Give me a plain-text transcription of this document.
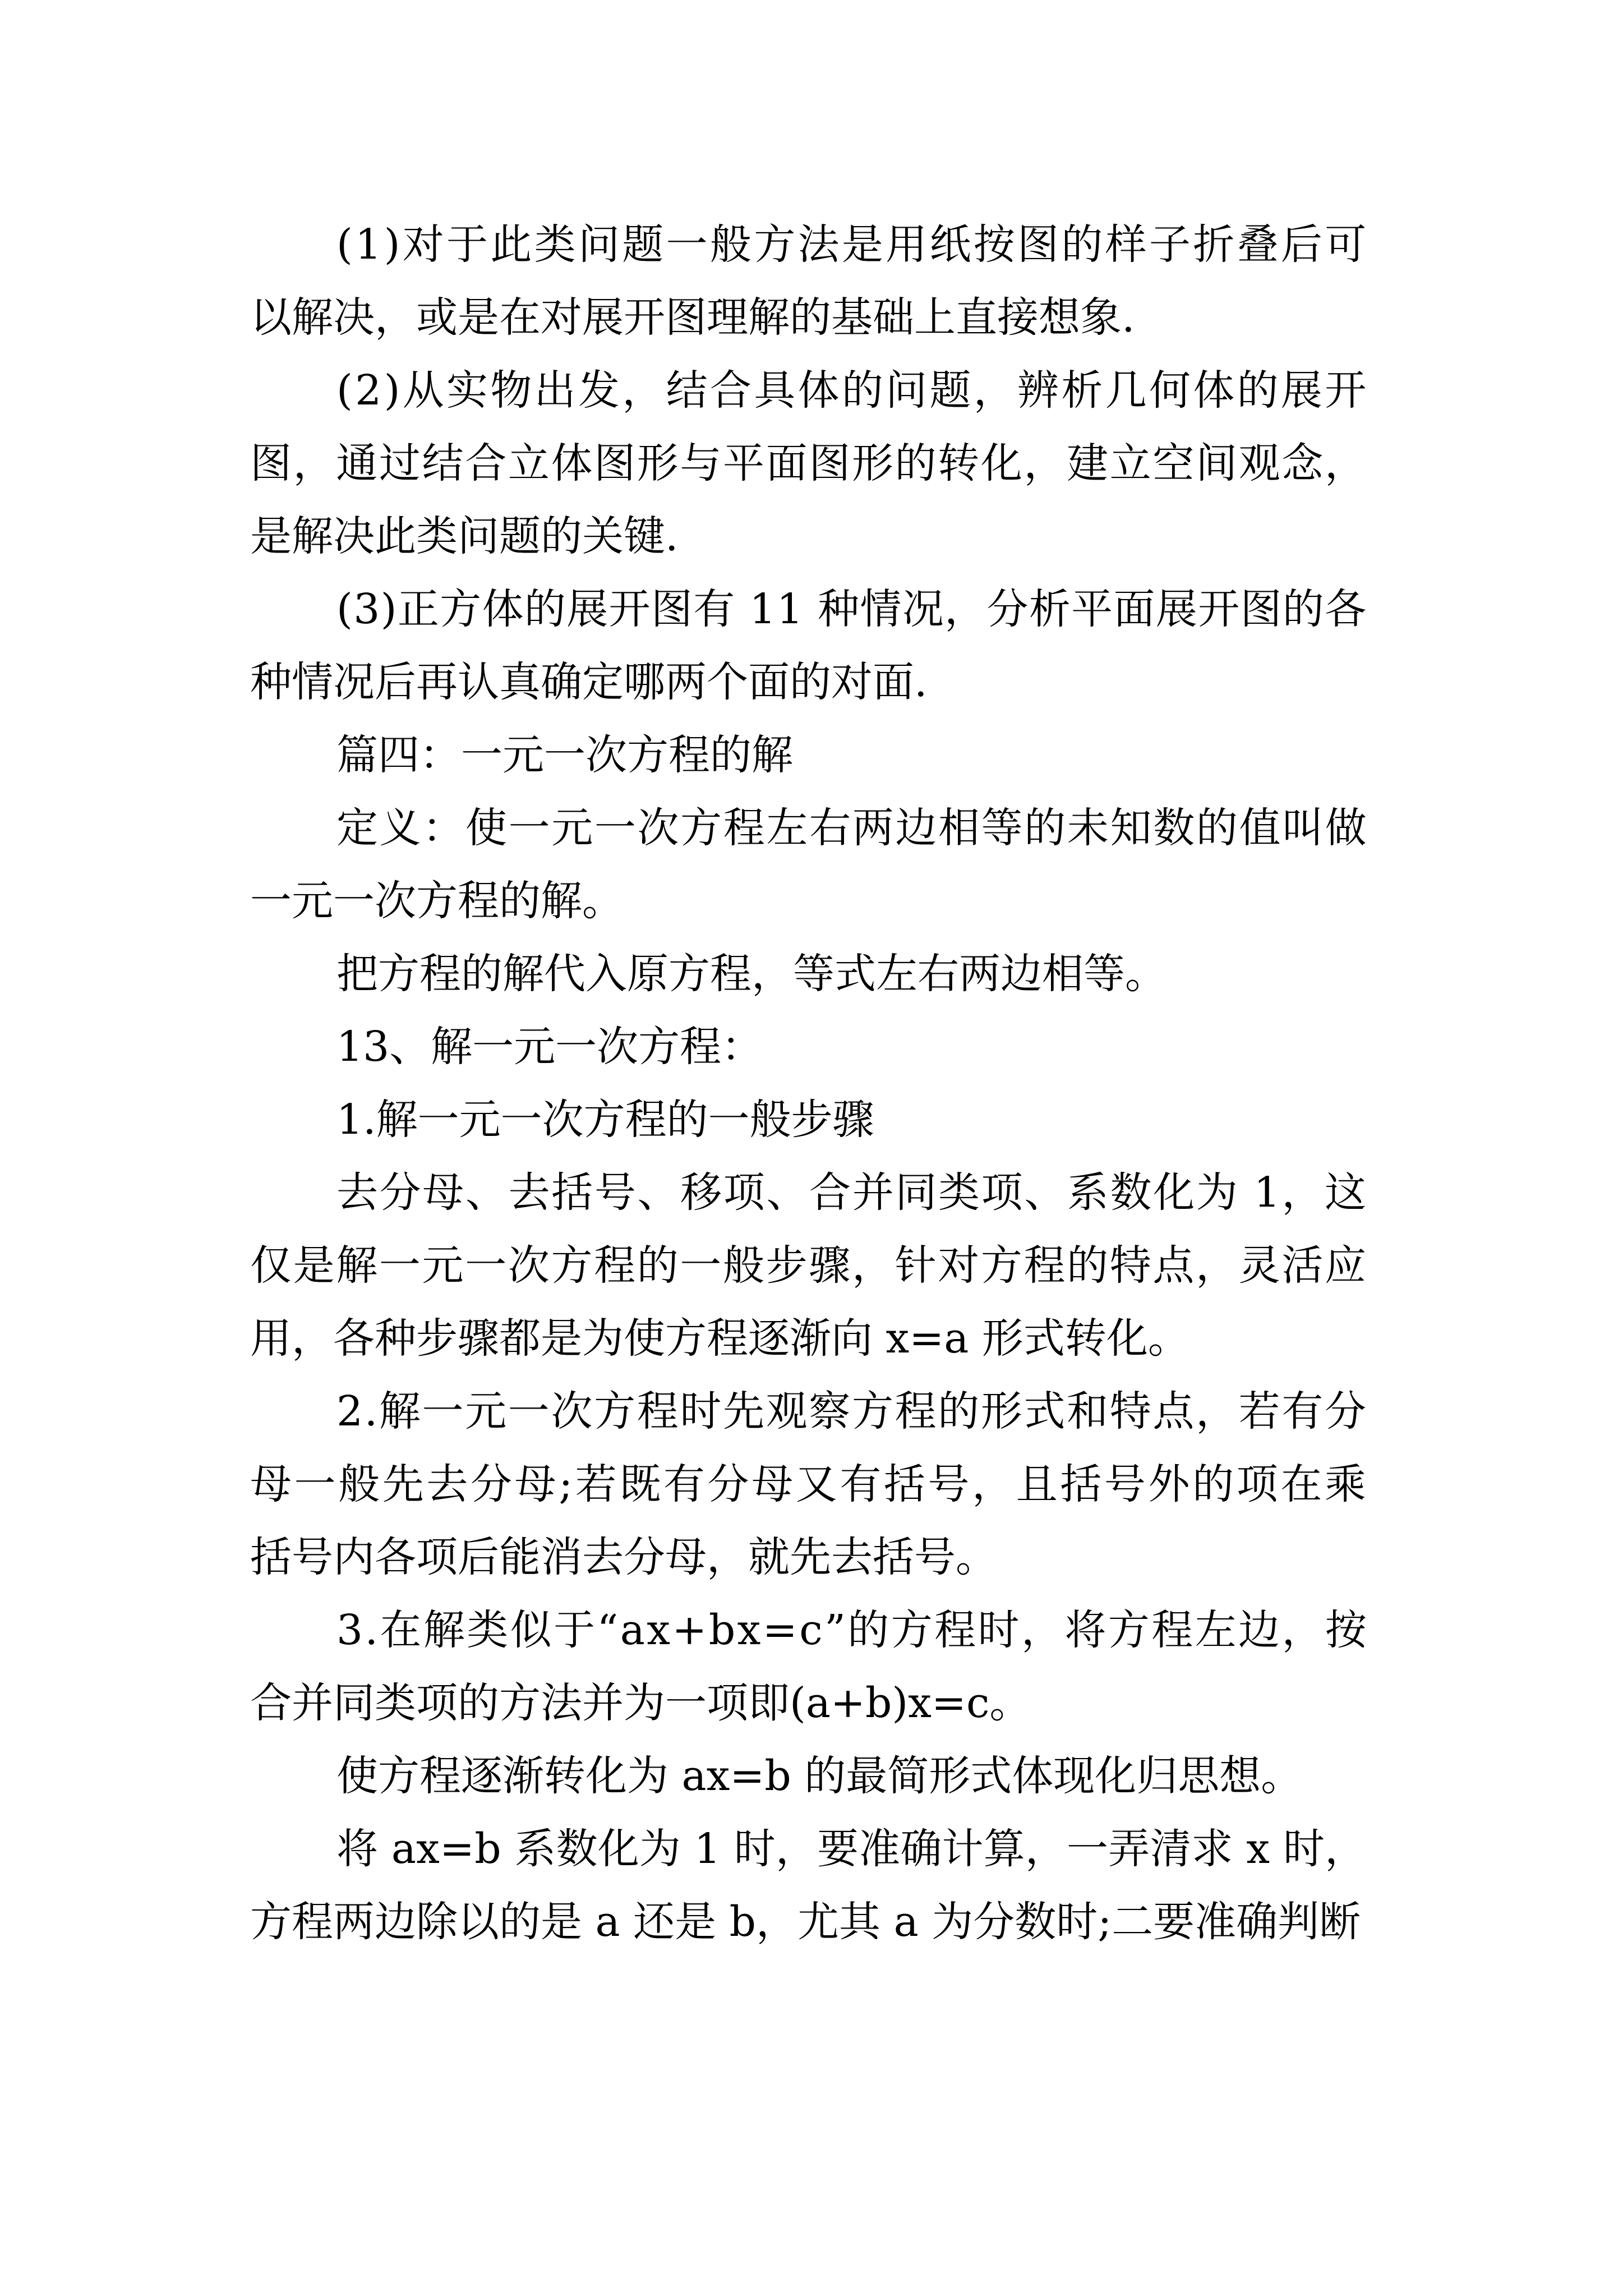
(1)对于此类问题一般方法是用纸按图的样子折叠后可
以解决，或是在对展开图理解的基础上直接想象.
(2)从实物出发，结合具体的问题，辨析几何体的展开
图，通过结合立体图形与平面图形的转化，建立空间观念，
是解决此类问题的关键.
(3)正方体的展开图有 11 种情况，分析平面展开图的各
种情况后再认真确定哪两个面的对面.
篇四：一元一次方程的解
定义：使一元一次方程左右两边相等的未知数的值叫做
一元一次方程的解。
把方程的解代入原方程，等式左右两边相等。
13、解一元一次方程：
1.解一元一次方程的一般步骤
去分母、去括号、移项、合并同类项、系数化为 1，这
仅是解一元一次方程的一般步骤，针对方程的特点，灵活应
用，各种步骤都是为使方程逐渐向 x=a 形式转化。
2.解一元一次方程时先观察方程的形式和特点，若有分
母一般先去分母;若既有分母又有括号，且括号外的项在乘
括号内各项后能消去分母，就先去括号。
3.在解类似于“ax+bx=c”的方程时，将方程左边，按
合并同类项的方法并为一项即(a+b)x=c。
使方程逐渐转化为 ax=b 的最简形式体现化归思想。
将 ax=b 系数化为 1 时，要准确计算，一弄清求 x 时，
方程两边除以的是 a 还是 b，尤其 a 为分数时;二要准确判断
